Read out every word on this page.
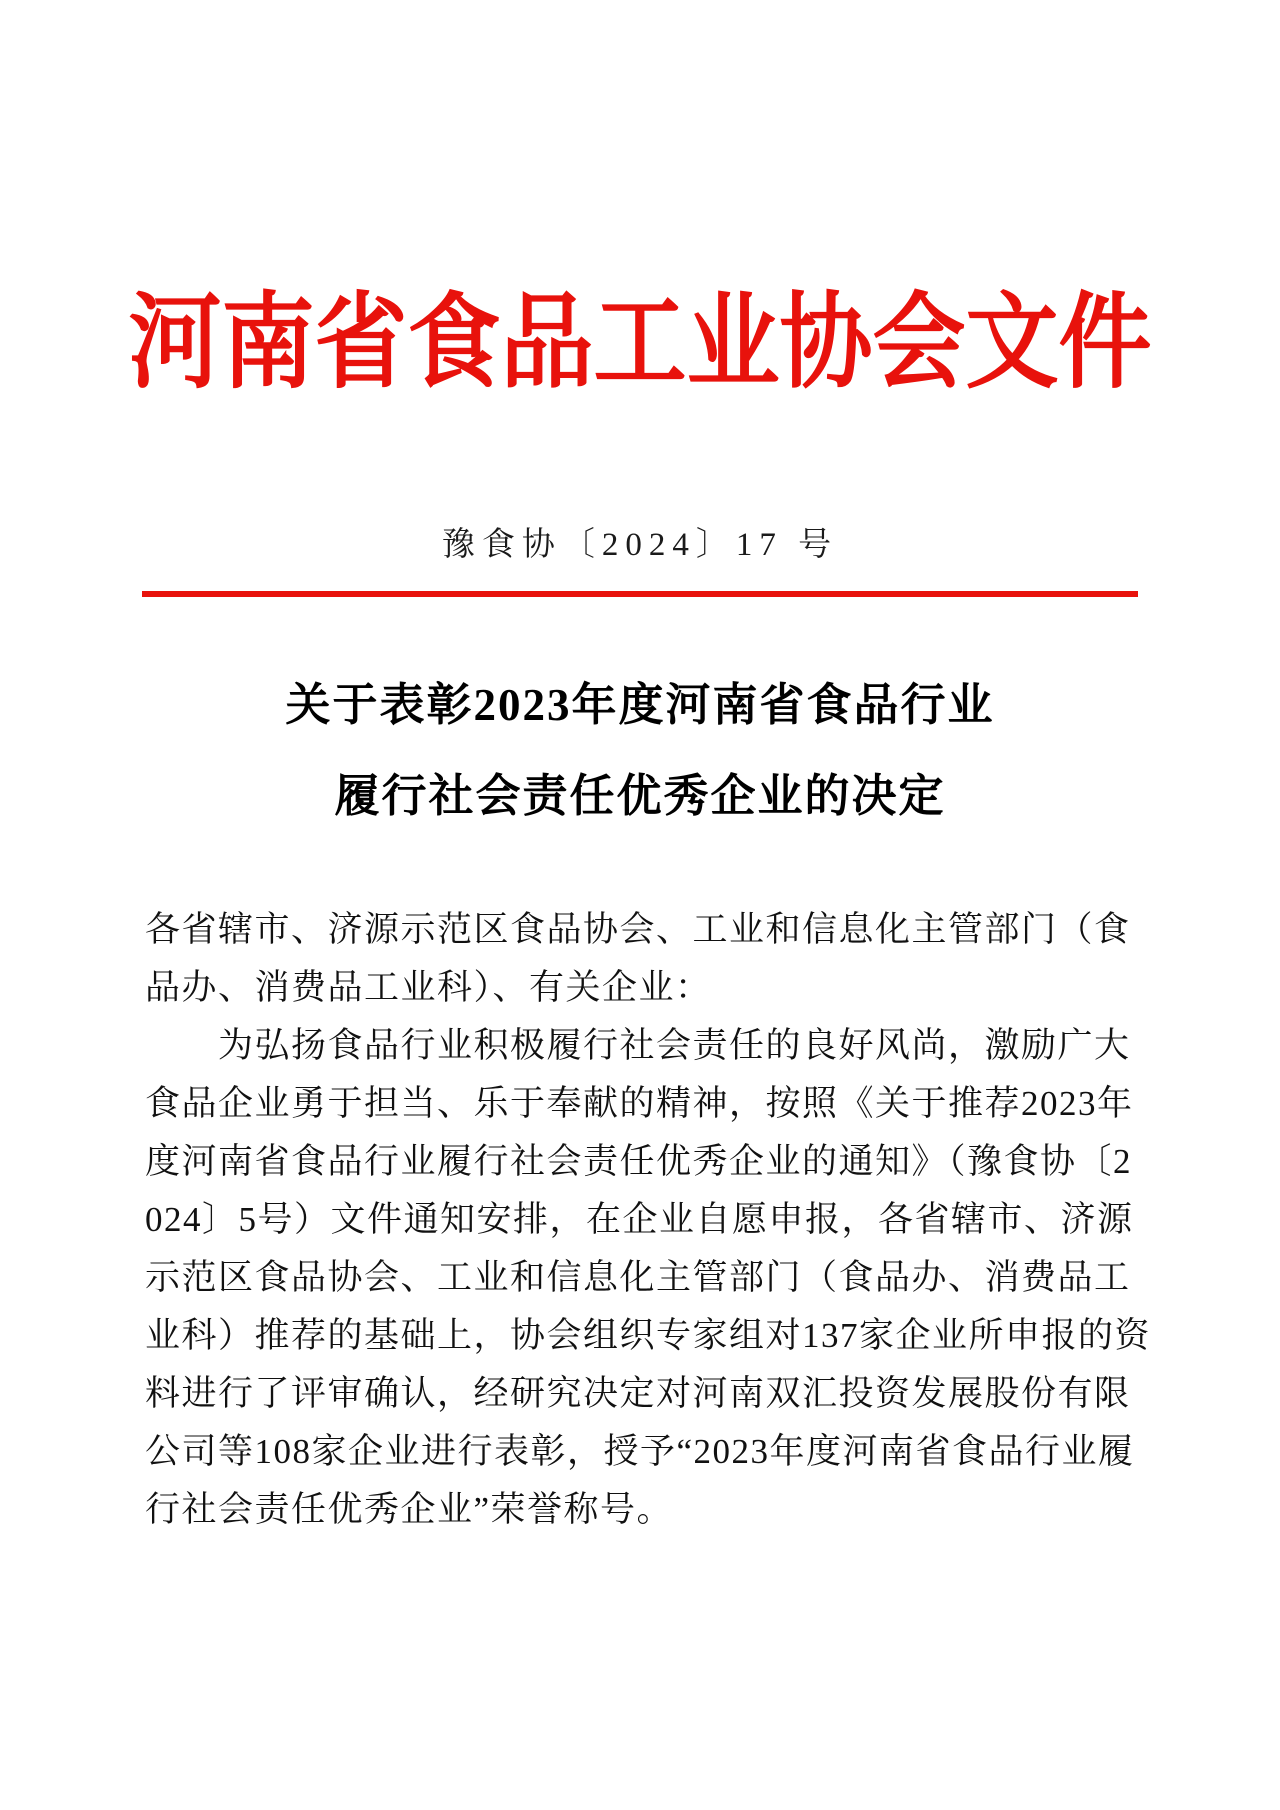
河南省食品工业协会文件
豫食协〔2024〕17 号
关于表彰2023年度河南省食品行业
履行社会责任优秀企业的决定
各省辖市、济源示范区食品协会、工业和信息化主管部门（食
品办、消费品工业科）、有关企业：
　　为弘扬食品行业积极履行社会责任的良好风尚，激励广大
食品企业勇于担当、乐于奉献的精神，按照《关于推荐2023年
度河南省食品行业履行社会责任优秀企业的通知》（豫食协〔2
024〕5号）文件通知安排，在企业自愿申报，各省辖市、济源
示范区食品协会、工业和信息化主管部门（食品办、消费品工
业科）推荐的基础上，协会组织专家组对137家企业所申报的资
料进行了评审确认，经研究决定对河南双汇投资发展股份有限
公司等108家企业进行表彰，授予“2023年度河南省食品行业履
行社会责任优秀企业”荣誉称号。
